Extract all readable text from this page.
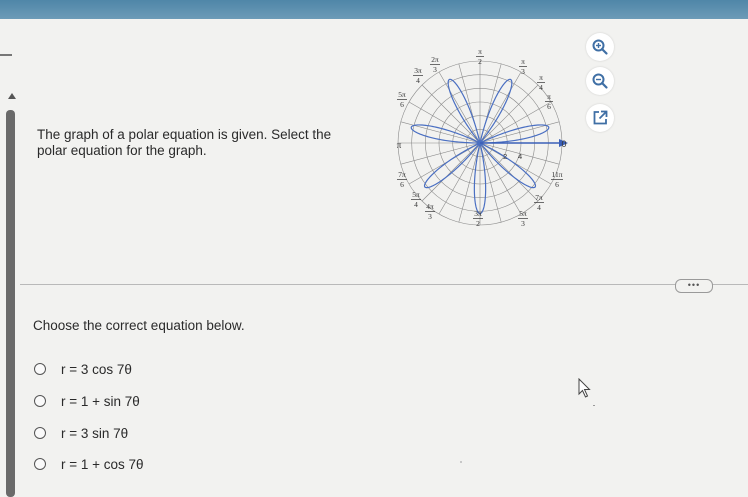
The graph of a polar equation is given. Select the polar equation for the graph.
π
2
2π
3
π
3
3π
4	π
4
5π
6
π
6
π	0
7π
6
11π
6
5π
4
7π
4
4π
3	3π
2
5π
3
4
2
•••
Choose the correct equation below.
r = 3 cos 7θ
r = 1 + sin 7θ
r = 3 sin 7θ
r = 1 + cos 7θ
